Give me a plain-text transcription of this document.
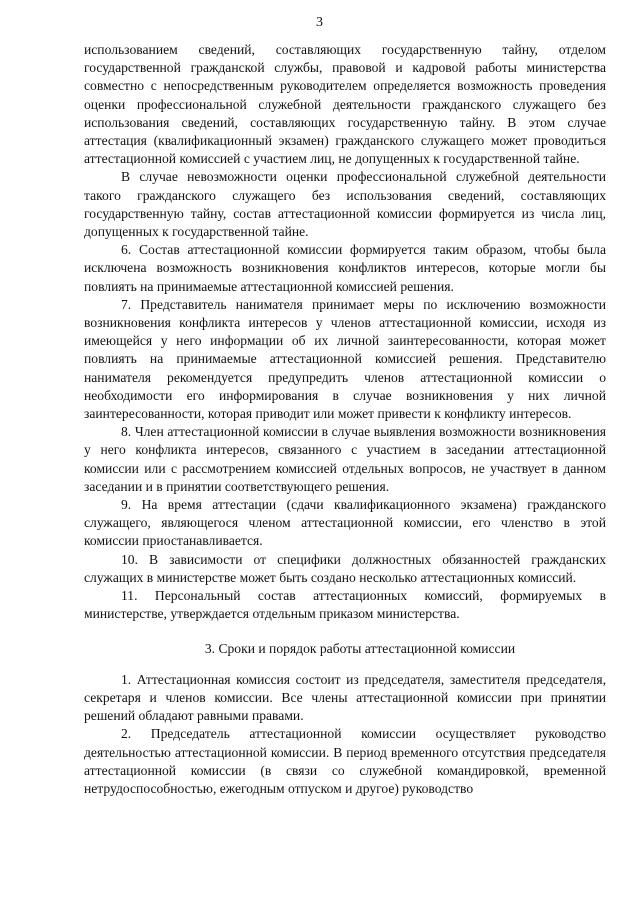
3

использованием сведений, составляющих государственную тайну, отделом государственной гражданской службы, правовой и кадровой работы министерства совместно с непосредственным руководителем определяется возможность проведения оценки профессиональной служебной деятельности гражданского служащего без использования сведений, составляющих государственную тайну. В этом случае аттестация (квалификационный экзамен) гражданского служащего может проводиться аттестационной комиссией с участием лиц, не допущенных к государственной тайне.

В случае невозможности оценки профессиональной служебной деятельности такого гражданского служащего без использования сведений, составляющих государственную тайну, состав аттестационной комиссии формируется из числа лиц, допущенных к государственной тайне.

6. Состав аттестационной комиссии формируется таким образом, чтобы была исключена возможность возникновения конфликтов интересов, которые могли бы повлиять на принимаемые аттестационной комиссией решения.

7. Представитель нанимателя принимает меры по исключению возможности возникновения конфликта интересов у членов аттестационной комиссии, исходя из имеющейся у него информации об их личной заинтересованности, которая может повлиять на принимаемые аттестационной комиссией решения. Представителю нанимателя рекомендуется предупредить членов аттестационной комиссии о необходимости его информирования в случае возникновения у них личной заинтересованности, которая приводит или может привести к конфликту интересов.

8. Член аттестационной комиссии в случае выявления возможности возникновения у него конфликта интересов, связанного с участием в заседании аттестационной комиссии или с рассмотрением комиссией отдельных вопросов, не участвует в данном заседании и в принятии соответствующего решения.

9. На время аттестации (сдачи квалификационного экзамена) гражданского служащего, являющегося членом аттестационной комиссии, его членство в этой комиссии приостанавливается.

10. В зависимости от специфики должностных обязанностей гражданских служащих в министерстве может быть создано несколько аттестационных комиссий.

11. Персональный состав аттестационных комиссий, формируемых в министерстве, утверждается отдельным приказом министерства.

3. Сроки и порядок работы аттестационной комиссии

1. Аттестационная комиссия состоит из председателя, заместителя председателя, секретаря и членов комиссии. Все члены аттестационной комиссии при принятии решений обладают равными правами.

2. Председатель аттестационной комиссии осуществляет руководство деятельностью аттестационной комиссии. В период временного отсутствия председателя аттестационной комиссии (в связи со служебной командировкой, временной нетрудоспособностью, ежегодным отпуском и другое) руководство
